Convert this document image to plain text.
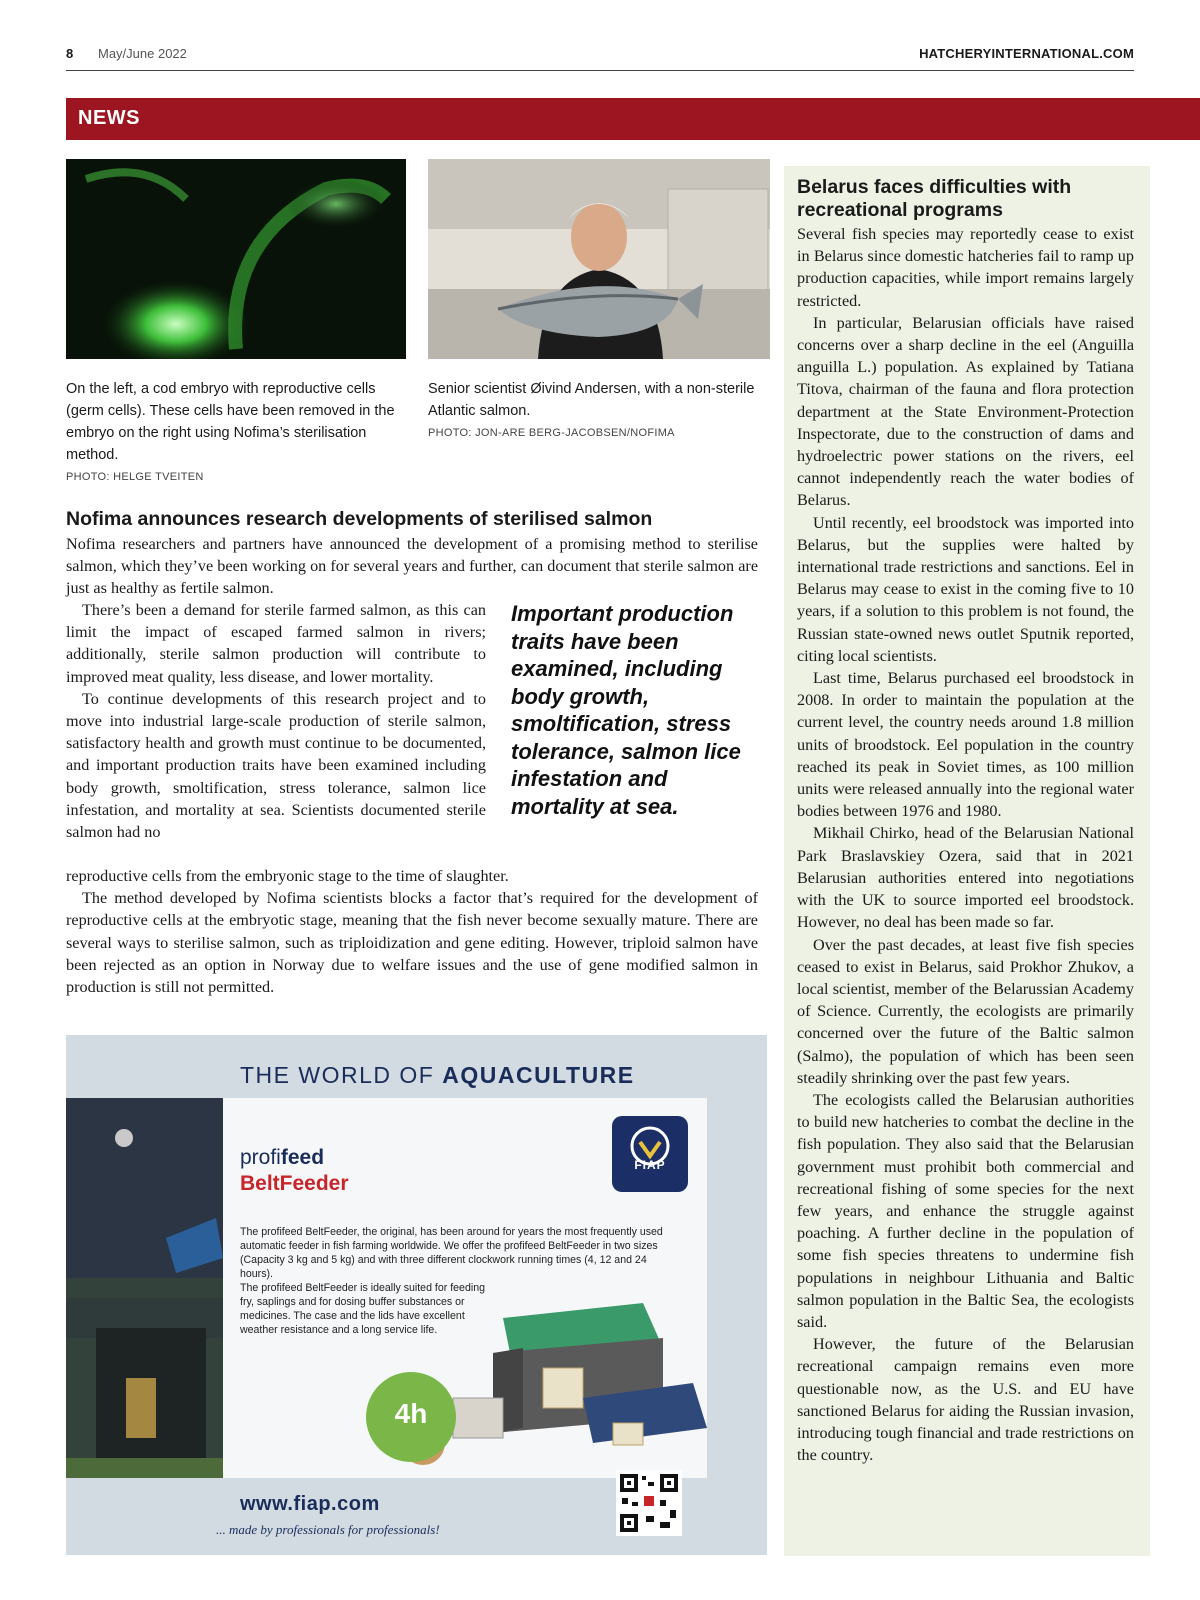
8 May/June 2022	HATCHERYINTERNATIONAL.COM
NEWS
On the left, a cod embryo with reproductive cells (germ cells). These cells have been removed in the embryo on the right using Nofima’s sterilisation method.
PHOTO: HELGE TVEITEN
Senior scientist Øivind Andersen, with a non-sterile Atlantic salmon.
PHOTO: JON-ARE BERG-JACOBSEN/NOFIMA
Nofima announces research developments of sterilised salmon

Nofima researchers and partners have announced the development of a promising method to sterilise salmon, which they’ve been working on for several years and further, can document that sterile salmon are just as healthy as fertile salmon.

There’s been a demand for sterile farmed salmon, as this can limit the impact of escaped farmed salmon in rivers; additionally, sterile salmon production will contribute to improved meat quality, less disease, and lower mortality.

To continue developments of this research project and to move into industrial large-scale production of sterile salmon, satisfactory health and growth must continue to be documented, and important production traits have been examined including body growth, smoltification, stress tolerance, salmon lice infestation, and mortality at sea. Scientists documented sterile salmon had no

Important production traits have been examined, including body growth, smoltification, stress tolerance, salmon lice infestation and mortality at sea.

reproductive cells from the embryonic stage to the time of slaughter.

The method developed by Nofima scientists blocks a factor that’s required for the development of reproductive cells at the embryotic stage, meaning that the fish never become sexually mature. There are several ways to sterilise salmon, such as triploidization and gene editing. However, triploid salmon have been rejected as an option in Norway due to welfare issues and the use of gene modified salmon in production is still not permitted.

Belarus faces difficulties with recreational programs

Several fish species may reportedly cease to exist in Belarus since domestic hatcheries fail to ramp up production capacities, while import remains largely restricted.

In particular, Belarusian officials have raised concerns over a sharp decline in the eel (Anguilla anguilla L.) population. As explained by Tatiana Titova, chairman of the fauna and flora protection department at the State Environment-Protection Inspectorate, due to the construction of dams and hydroelectric power stations on the rivers, eel cannot independently reach the water bodies of Belarus.

Until recently, eel broodstock was imported into Belarus, but the supplies were halted by international trade restrictions and sanctions. Eel in Belarus may cease to exist in the coming five to 10 years, if a solution to this problem is not found, the Russian state-owned news outlet Sputnik reported, citing local scientists.

Last time, Belarus purchased eel broodstock in 2008. In order to maintain the population at the current level, the country needs around 1.8 million units of broodstock. Eel population in the country reached its peak in Soviet times, as 100 million units were released annually into the regional water bodies between 1976 and 1980.

Mikhail Chirko, head of the Belarusian National Park Braslavskiey Ozera, said that in 2021 Belarusian authorities entered into negotiations with the UK to source imported eel broodstock. However, no deal has been made so far.

Over the past decades, at least five fish species ceased to exist in Belarus, said Prokhor Zhukov, a local scientist, member of the Belarussian Academy of Science. Currently, the ecologists are primarily concerned over the future of the Baltic salmon (Salmo), the population of which has been seen steadily shrinking over the past few years.

The ecologists called the Belarusian authorities to build new hatcheries to combat the decline in the fish population. They also said that the Belarusian government must prohibit both commercial and recreational fishing of some species for the next few years, and enhance the struggle against poaching. A further decline in the population of some fish species threatens to undermine fish populations in neighbour Lithuania and Baltic salmon population in the Baltic Sea, the ecologists said.

However, the future of the Belarusian recreational campaign remains even more questionable now, as the U.S. and EU have sanctioned Belarus for aiding the Russian invasion, introducing tough financial and trade restrictions on the country.

THE WORLD OF AQUACULTURE
profifeed
BeltFeeder
FIAP
The profifeed BeltFeeder, the original, has been around for years the most frequently used automatic feeder in fish farming worldwide. We offer the profifeed BeltFeeder in two sizes (Capacity 3 kg and 5 kg) and with three different clockwork running times (4, 12 and 24 hours).
The profifeed BeltFeeder is ideally suited for feeding fry, saplings and for dosing buffer substances or medicines. The case and the lids have excellent weather resistance and a long service life.
4h
www.fiap.com
... made by professionals for professionals!
